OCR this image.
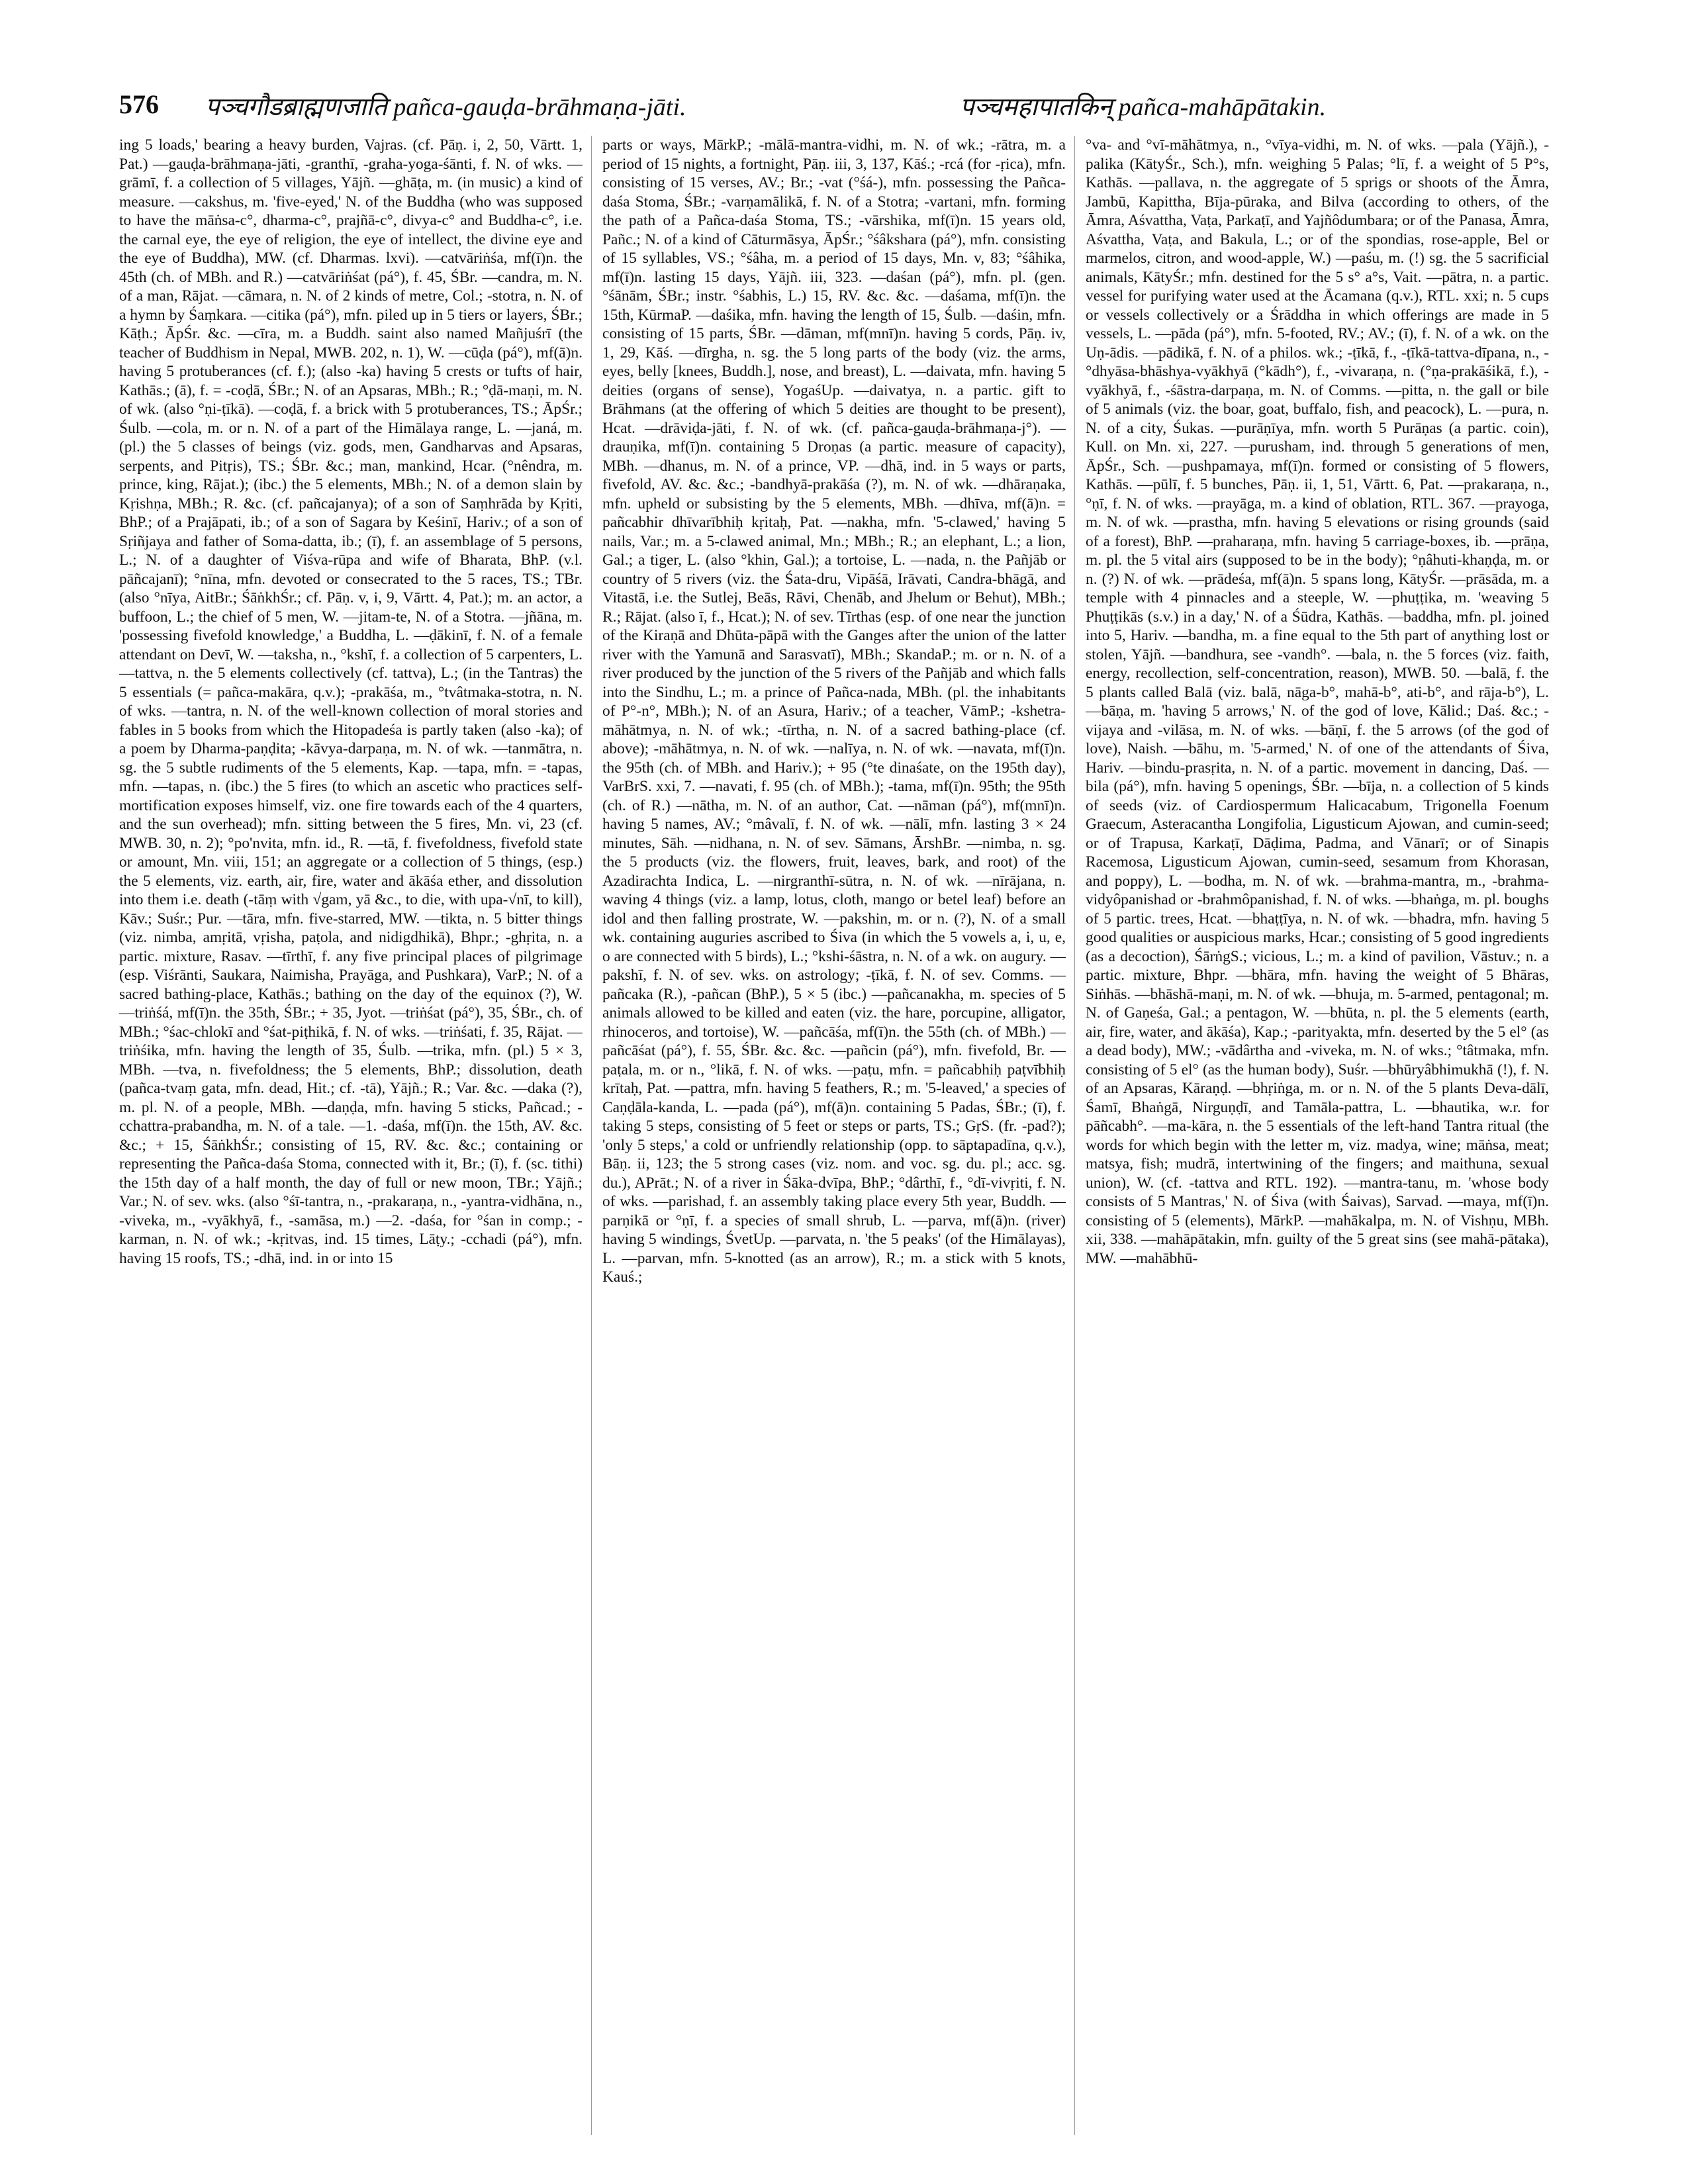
576 पञ्चगौडब्राह्मणजाति pañca-gauḍa-brāhmaṇa-jāti.	पञ्चमहापातकिन् pañca-mahāpātakin.
ing 5 loads,' bearing a heavy burden, Vajras. (cf. Pāṇ. i, 2, 50, Vārtt. 1, Pat.) —gauḍa-brāhmaṇa-jāti, -granthī, -graha-yoga-śānti, f. N. of wks. —grāmī, f. a collection of 5 villages, Yājñ. —ghāṭa, m. (in music) a kind of measure. —cakshus, m. 'five-eyed,' N. of the Buddha (who was supposed to have the māṅsa-c°, dharma-c°, prajñā-c°, divya-c° and Buddha-c°, i.e. the carnal eye, the eye of religion, the eye of intellect, the divine eye and the eye of Buddha), MW. (cf. Dharmas. lxvi). —catvāriṅśa, mf(ī)n. the 45th (ch. of MBh. and R.) —catvāriṅśat (pá°), f. 45, ŚBr. —candra, m. N. of a man, Rājat. —cāmara, n. N. of 2 kinds of metre, Col.; -stotra, n. N. of a hymn by Śaṃkara. —citika (pá°), mfn. piled up in 5 tiers or layers, ŚBr.; Kāṭh.; ĀpŚr. &c. —cīra, m. a Buddh. saint also named Mañjuśrī (the teacher of Buddhism in Nepal, MWB. 202, n. 1), W. —cūḍa (pá°), mf(ā)n. having 5 protuberances (cf. f.); (also -ka) having 5 crests or tufts of hair, Kathās.; (ā), f. = -coḍā, ŚBr.; N. of an Apsaras, MBh.; R.; °ḍā-maṇi, m. N. of wk. (also °ṇi-ṭīkā). —coḍā, f. a brick with 5 protuberances, TS.; ĀpŚr.; Śulb. —cola, m. or n. N. of a part of the Himālaya range, L. —janá, m. (pl.) the 5 classes of beings (viz. gods, men, Gandharvas and Apsaras, serpents, and Pitṛis), TS.; ŚBr. &c.; man, mankind, Hcar. (°nêndra, m. prince, king, Rājat.); (ibc.) the 5 elements, MBh.; N. of a demon slain by Kṛishṇa, MBh.; R. &c. (cf. pañcajanya); of a son of Saṃhrāda by Kṛiti, BhP.; of a Prajāpati, ib.; of a son of Sagara by Keśinī, Hariv.; of a son of Sṛiñjaya and father of Soma-datta, ib.; (ī), f. an assemblage of 5 persons, L.; N. of a daughter of Viśva-rūpa and wife of Bharata, BhP. (v.l. pāñcajanī); °nīna, mfn. devoted or consecrated to the 5 races, TS.; TBr. (also °nīya, AitBr.; ŚāṅkhŚr.; cf. Pāṇ. v, i, 9, Vārtt. 4, Pat.); m. an actor, a buffoon, L.; the chief of 5 men, W. —jitam-te, N. of a Stotra. —jñāna, m. 'possessing fivefold knowledge,' a Buddha, L. —ḍākinī, f. N. of a female attendant on Devī, W. —taksha, n., °kshī, f. a collection of 5 carpenters, L. —tattva, n. the 5 elements collectively (cf. tattva), L.; (in the Tantras) the 5 essentials (= pañca-makāra, q.v.); -prakāśa, m., °tvâtmaka-stotra, n. N. of wks. —tantra, n. N. of the well-known collection of moral stories and fables in 5 books from which the Hitopadeśa is partly taken (also -ka); of a poem by Dharma-paṇḍita; -kāvya-darpaṇa, m. N. of wk. —tanmātra, n. sg. the 5 subtle rudiments of the 5 elements, Kap. —tapa, mfn. = -tapas, mfn. —tapas, n. (ibc.) the 5 fires (to which an ascetic who practices self-mortification exposes himself, viz. one fire towards each of the 4 quarters, and the sun overhead); mfn. sitting between the 5 fires, Mn. vi, 23 (cf. MWB. 30, n. 2); °po'nvita, mfn. id., R. —tā, f. fivefoldness, fivefold state or amount, Mn. viii, 151; an aggregate or a collection of 5 things, (esp.) the 5 elements, viz. earth, air, fire, water and ākāśa ether, and dissolution into them i.e. death (-tāṃ with √gam, yā &c., to die, with upa-√nī, to kill), Kāv.; Suśr.; Pur. —tāra, mfn. five-starred, MW. —tikta, n. 5 bitter things (viz. nimba, amṛitā, vṛisha, paṭola, and nidigdhikā), Bhpr.; -ghṛita, n. a partic. mixture, Rasav. —tīrthī, f. any five principal places of pilgrimage (esp. Viśrānti, Saukara, Naimisha, Prayāga, and Pushkara), VarP.; N. of a sacred bathing-place, Kathās.; bathing on the day of the equinox (?), W. —triṅśá, mf(ī)n. the 35th, ŚBr.; + 35, Jyot. —triṅśat (pá°), 35, ŚBr., ch. of MBh.; °śac-chlokī and °śat-piṭhikā, f. N. of wks. —triṅśati, f. 35, Rājat. —triṅśika, mfn. having the length of 35, Śulb. —trika, mfn. (pl.) 5 × 3, MBh. —tva, n. fivefoldness; the 5 elements, BhP.; dissolution, death (pañca-tvaṃ gata, mfn. dead, Hit.; cf. -tā), Yājñ.; R.; Var. &c. —daka (?), m. pl. N. of a people, MBh. —daṇḍa, mfn. having 5 sticks, Pañcad.; -cchattra-prabandha, m. N. of a tale. —1. -daśa, mf(ī)n. the 15th, AV. &c. &c.; + 15, ŚāṅkhŚr.; consisting of 15, RV. &c. &c.; containing or representing the Pañca-daśa Stoma, connected with it, Br.; (ī), f. (sc. tithi) the 15th day of a half month, the day of full or new moon, TBr.; Yājñ.; Var.; N. of sev. wks. (also °śī-tantra, n., -prakaraṇa, n., -yantra-vidhāna, n., -viveka, m., -vyākhyā, f., -samāsa, m.) —2. -daśa, for °śan in comp.; -karman, n. N. of wk.; -kṛitvas, ind. 15 times, Lāṭy.; -cchadi (pá°), mfn. having 15 roofs, TS.; -dhā, ind. in or into 15
parts or ways, MārkP.; -mālā-mantra-vidhi, m. N. of wk.; -rātra, m. a period of 15 nights, a fortnight, Pāṇ. iii, 3, 137, Kāś.; -rcá (for -ṛica), mfn. consisting of 15 verses, AV.; Br.; -vat (°śá-), mfn. possessing the Pañca-daśa Stoma, ŚBr.; -varṇamālikā, f. N. of a Stotra; -vartani, mfn. forming the path of a Pañca-daśa Stoma, TS.; -vārshika, mf(ī)n. 15 years old, Pañc.; N. of a kind of Cāturmāsya, ĀpŚr.; °śâkshara (pá°), mfn. consisting of 15 syllables, VS.; °śâha, m. a period of 15 days, Mn. v, 83; °śâhika, mf(ī)n. lasting 15 days, Yājñ. iii, 323. —daśan (pá°), mfn. pl. (gen. °śānām, ŚBr.; instr. °śabhis, L.) 15, RV. &c. &c. —daśama, mf(ī)n. the 15th, KūrmaP. —daśika, mfn. having the length of 15, Śulb. —daśin, mfn. consisting of 15 parts, ŚBr. —dāman, mf(mnī)n. having 5 cords, Pāṇ. iv, 1, 29, Kāś. —dīrgha, n. sg. the 5 long parts of the body (viz. the arms, eyes, belly [knees, Buddh.], nose, and breast), L. —daivata, mfn. having 5 deities (organs of sense), YogaśUp. —daivatya, n. a partic. gift to Brāhmans (at the offering of which 5 deities are thought to be present), Hcat. —drāviḍa-jāti, f. N. of wk. (cf. pañca-gauḍa-brāhmaṇa-j°). —drauṇika, mf(ī)n. containing 5 Droṇas (a partic. measure of capacity), MBh. —dhanus, m. N. of a prince, VP. —dhā, ind. in 5 ways or parts, fivefold, AV. &c. &c.; -bandhyā-prakāśa (?), m. N. of wk. —dhāraṇaka, mfn. upheld or subsisting by the 5 elements, MBh. —dhīva, mf(ā)n. = pañcabhir dhīvarībhiḥ kṛitaḥ, Pat. —nakha, mfn. '5-clawed,' having 5 nails, Var.; m. a 5-clawed animal, Mn.; MBh.; R.; an elephant, L.; a lion, Gal.; a tiger, L. (also °khin, Gal.); a tortoise, L. —nada, n. the Pañjāb or country of 5 rivers (viz. the Śata-dru, Vipāśā, Irāvati, Candra-bhāgā, and Vitastā, i.e. the Sutlej, Beās, Rāvi, Chenāb, and Jhelum or Behut), MBh.; R.; Rājat. (also ī, f., Hcat.); N. of sev. Tīrthas (esp. of one near the junction of the Kiraṇā and Dhūta-pāpā with the Ganges after the union of the latter river with the Yamunā and Sarasvatī), MBh.; SkandaP.; m. or n. N. of a river produced by the junction of the 5 rivers of the Pañjāb and which falls into the Sindhu, L.; m. a prince of Pañca-nada, MBh. (pl. the inhabitants of P°-n°, MBh.); N. of an Asura, Hariv.; of a teacher, VāmP.; -kshetra-māhātmya, n. N. of wk.; -tīrtha, n. N. of a sacred bathing-place (cf. above); -māhātmya, n. N. of wk. —nalīya, n. N. of wk. —navata, mf(ī)n. the 95th (ch. of MBh. and Hariv.); + 95 (°te dinaśate, on the 195th day), VarBrS. xxi, 7. —navati, f. 95 (ch. of MBh.); -tama, mf(ī)n. 95th; the 95th (ch. of R.) —nātha, m. N. of an author, Cat. —nāman (pá°), mf(mnī)n. having 5 names, AV.; °mâvalī, f. N. of wk. —nālī, mfn. lasting 3 × 24 minutes, Sāh. —nidhana, n. N. of sev. Sāmans, ĀrshBr. —nimba, n. sg. the 5 products (viz. the flowers, fruit, leaves, bark, and root) of the Azadirachta Indica, L. —nirgranthī-sūtra, n. N. of wk. —nīrājana, n. waving 4 things (viz. a lamp, lotus, cloth, mango or betel leaf) before an idol and then falling prostrate, W. —pakshin, m. or n. (?), N. of a small wk. containing auguries ascribed to Śiva (in which the 5 vowels a, i, u, e, o are connected with 5 birds), L.; °kshi-śāstra, n. N. of a wk. on augury. —pakshī, f. N. of sev. wks. on astrology; -ṭīkā, f. N. of sev. Comms. —pañcaka (R.), -pañcan (BhP.), 5 × 5 (ibc.) —pañcanakha, m. species of 5 animals allowed to be killed and eaten (viz. the hare, porcupine, alligator, rhinoceros, and tortoise), W. —pañcāśa, mf(ī)n. the 55th (ch. of MBh.) —pañcāśat (pá°), f. 55, ŚBr. &c. &c. —pañcin (pá°), mfn. fivefold, Br. —paṭala, m. or n., °likā, f. N. of wks. —paṭu, mfn. = pañcabhiḥ paṭvībhiḥ krītaḥ, Pat. —pattra, mfn. having 5 feathers, R.; m. '5-leaved,' a species of Caṇḍāla-kanda, L. —pada (pá°), mf(ā)n. containing 5 Padas, ŚBr.; (ī), f. taking 5 steps, consisting of 5 feet or steps or parts, TS.; GṛS. (fr. -pad?); 'only 5 steps,' a cold or unfriendly relationship (opp. to sāptapadīna, q.v.), Bāṇ. ii, 123; the 5 strong cases (viz. nom. and voc. sg. du. pl.; acc. sg. du.), APrāt.; N. of a river in Śāka-dvīpa, BhP.; °dârthī, f., °dī-vivṛiti, f. N. of wks. —parishad, f. an assembly taking place every 5th year, Buddh. —parṇikā or °ṇī, f. a species of small shrub, L. —parva, mf(ā)n. (river) having 5 windings, ŚvetUp. —parvata, n. 'the 5 peaks' (of the Himālayas), L. —parvan, mfn. 5-knotted (as an arrow), R.; m. a stick with 5 knots, Kauś.;
°va- and °vī-māhātmya, n., °vīya-vidhi, m. N. of wks. —pala (Yājñ.), -palika (KātyŚr., Sch.), mfn. weighing 5 Palas; °lī, f. a weight of 5 P°s, Kathās. —pallava, n. the aggregate of 5 sprigs or shoots of the Āmra, Jambū, Kapittha, Bīja-pūraka, and Bilva (according to others, of the Āmra, Aśvattha, Vaṭa, Parkaṭī, and Yajñôdumbara; or of the Panasa, Āmra, Aśvattha, Vaṭa, and Bakula, L.; or of the spondias, rose-apple, Bel or marmelos, citron, and wood-apple, W.) —paśu, m. (!) sg. the 5 sacrificial animals, KātyŚr.; mfn. destined for the 5 s° a°s, Vait. —pātra, n. a partic. vessel for purifying water used at the Ācamana (q.v.), RTL. xxi; n. 5 cups or vessels collectively or a Śrāddha in which offerings are made in 5 vessels, L. —pāda (pá°), mfn. 5-footed, RV.; AV.; (ī), f. N. of a wk. on the Uṇ-ādis. —pādikā, f. N. of a philos. wk.; -ṭīkā, f., -ṭīkā-tattva-dīpana, n., -°dhyāsa-bhāshya-vyākhyā (°kādh°), f., -vivaraṇa, n. (°ṇa-prakāśikā, f.), -vyākhyā, f., -śāstra-darpaṇa, m. N. of Comms. —pitta, n. the gall or bile of 5 animals (viz. the boar, goat, buffalo, fish, and peacock), L. —pura, n. N. of a city, Śukas. —purāṇīya, mfn. worth 5 Purāṇas (a partic. coin), Kull. on Mn. xi, 227. —purusham, ind. through 5 generations of men, ĀpŚr., Sch. —pushpamaya, mf(ī)n. formed or consisting of 5 flowers, Kathās. —pūlī, f. 5 bunches, Pāṇ. ii, 1, 51, Vārtt. 6, Pat. —prakaraṇa, n., °ṇī, f. N. of wks. —prayāga, m. a kind of oblation, RTL. 367. —prayoga, m. N. of wk. —prastha, mfn. having 5 elevations or rising grounds (said of a forest), BhP. —praharaṇa, mfn. having 5 carriage-boxes, ib. —prāṇa, m. pl. the 5 vital airs (supposed to be in the body); °ṇâhuti-khaṇḍa, m. or n. (?) N. of wk. —prādeśa, mf(ā)n. 5 spans long, KātyŚr. —prāsāda, m. a temple with 4 pinnacles and a steeple, W. —phuṭṭika, m. 'weaving 5 Phuṭṭikās (s.v.) in a day,' N. of a Śūdra, Kathās. —baddha, mfn. pl. joined into 5, Hariv. —bandha, m. a fine equal to the 5th part of anything lost or stolen, Yājñ. —bandhura, see -vandh°. —bala, n. the 5 forces (viz. faith, energy, recollection, self-concentration, reason), MWB. 50. —balā, f. the 5 plants called Balā (viz. balā, nāga-b°, mahā-b°, ati-b°, and rāja-b°), L. —bāṇa, m. 'having 5 arrows,' N. of the god of love, Kālid.; Daś. &c.; -vijaya and -vilāsa, m. N. of wks. —bāṇī, f. the 5 arrows (of the god of love), Naish. —bāhu, m. '5-armed,' N. of one of the attendants of Śiva, Hariv. —bindu-prasṛita, n. N. of a partic. movement in dancing, Daś. —bila (pá°), mfn. having 5 openings, ŚBr. —bīja, n. a collection of 5 kinds of seeds (viz. of Cardiospermum Halicacabum, Trigonella Foenum Graecum, Asteracantha Longifolia, Ligusticum Ajowan, and cumin-seed; or of Trapusa, Karkaṭī, Dāḍima, Padma, and Vānarī; or of Sinapis Racemosa, Ligusticum Ajowan, cumin-seed, sesamum from Khorasan, and poppy), L. —bodha, m. N. of wk. —brahma-mantra, m., -brahma-vidyôpanishad or -brahmôpanishad, f. N. of wks. —bhaṅga, m. pl. boughs of 5 partic. trees, Hcat. —bhaṭṭīya, n. N. of wk. —bhadra, mfn. having 5 good qualities or auspicious marks, Hcar.; consisting of 5 good ingredients (as a decoction), ŚārṅgS.; vicious, L.; m. a kind of pavilion, Vāstuv.; n. a partic. mixture, Bhpr. —bhāra, mfn. having the weight of 5 Bhāras, Siṅhās. —bhāshā-maṇi, m. N. of wk. —bhuja, m. 5-armed, pentagonal; m. N. of Gaṇeśa, Gal.; a pentagon, W. —bhūta, n. pl. the 5 elements (earth, air, fire, water, and ākāśa), Kap.; -parityakta, mfn. deserted by the 5 el° (as a dead body), MW.; -vādârtha and -viveka, m. N. of wks.; °tâtmaka, mfn. consisting of 5 el° (as the human body), Suśr. —bhūryâbhimukhā (!), f. N. of an Apsaras, Kāraṇḍ. —bhṛiṅga, m. or n. N. of the 5 plants Deva-dālī, Śamī, Bhaṅgā, Nirguṇḍī, and Tamāla-pattra, L. —bhautika, w.r. for pāñcabh°. —ma-kāra, n. the 5 essentials of the left-hand Tantra ritual (the words for which begin with the letter m, viz. madya, wine; māṅsa, meat; matsya, fish; mudrā, intertwining of the fingers; and maithuna, sexual union), W. (cf. -tattva and RTL. 192). —mantra-tanu, m. 'whose body consists of 5 Mantras,' N. of Śiva (with Śaivas), Sarvad. —maya, mf(ī)n. consisting of 5 (elements), MārkP. —mahākalpa, m. N. of Vishṇu, MBh. xii, 338. —mahāpātakin, mfn. guilty of the 5 great sins (see mahā-pātaka), MW. —mahābhū-
